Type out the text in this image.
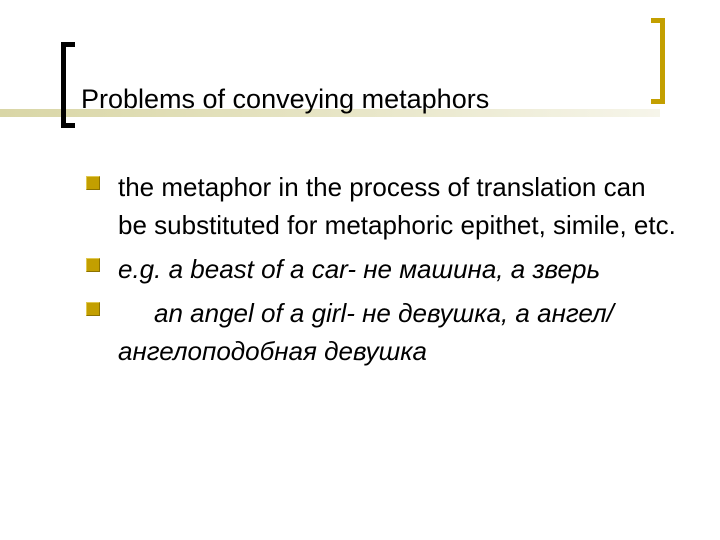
Problems of conveying metaphors
the metaphor in the process of translation can be substituted for metaphoric epithet, simile, etc.
e.g. a beast of a car- не машина, а зверь
an angel of a girl- не девушка, а ангел/ ангелоподобная девушка
